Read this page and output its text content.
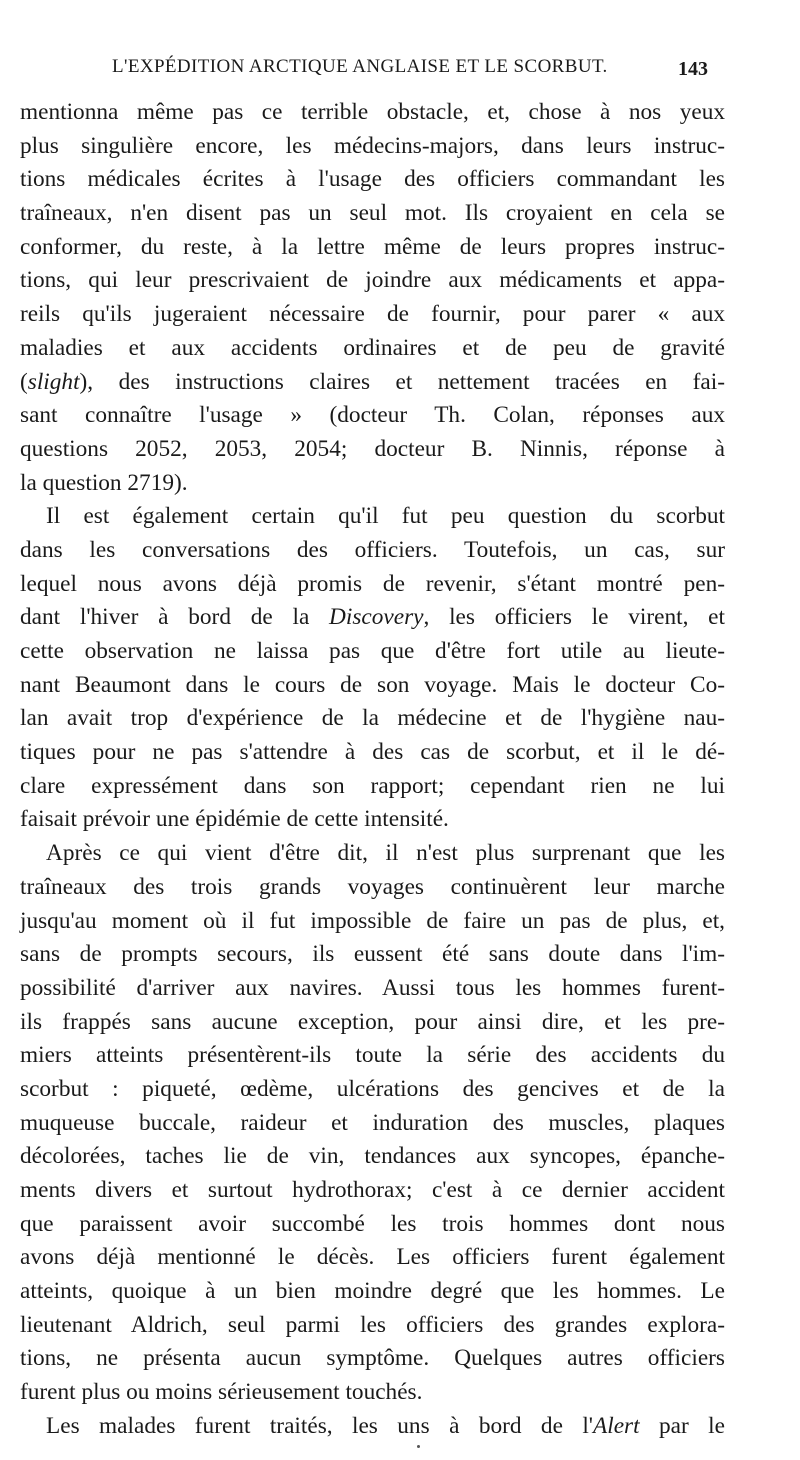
L'EXPÉDITION ARCTIQUE ANGLAISE ET LE SCORBUT.	143
mentionna même pas ce terrible obstacle, et, chose à nos yeux
plus singulière encore, les médecins-majors, dans leurs instruc-
tions médicales écrites à l'usage des officiers commandant les
traîneaux, n'en disent pas un seul mot. Ils croyaient en cela se
conformer, du reste, à la lettre même de leurs propres instruc-
tions, qui leur prescrivaient de joindre aux médicaments et appa-
reils qu'ils jugeraient nécessaire de fournir, pour parer « aux
maladies et aux accidents ordinaires et de peu de gravité
(slight), des instructions claires et nettement tracées en fai-
sant connaître l'usage » (docteur Th. Colan, réponses aux
questions 2052, 2053, 2054; docteur B. Ninnis, réponse à
la question 2719).
Il est également certain qu'il fut peu question du scorbut
dans les conversations des officiers. Toutefois, un cas, sur
lequel nous avons déjà promis de revenir, s'étant montré pen-
dant l'hiver à bord de la Discovery, les officiers le virent, et
cette observation ne laissa pas que d'être fort utile au lieute-
nant Beaumont dans le cours de son voyage. Mais le docteur Co-
lan avait trop d'expérience de la médecine et de l'hygiène nau-
tiques pour ne pas s'attendre à des cas de scorbut, et il le dé-
clare expressément dans son rapport; cependant rien ne lui
faisait prévoir une épidémie de cette intensité.
Après ce qui vient d'être dit, il n'est plus surprenant que les
traîneaux des trois grands voyages continuèrent leur marche
jusqu'au moment où il fut impossible de faire un pas de plus, et,
sans de prompts secours, ils eussent été sans doute dans l'im-
possibilité d'arriver aux navires. Aussi tous les hommes furent-
ils frappés sans aucune exception, pour ainsi dire, et les pre-
miers atteints présentèrent-ils toute la série des accidents du
scorbut : piqueté, œdème, ulcérations des gencives et de la
muqueuse buccale, raideur et induration des muscles, plaques
décolorées, taches lie de vin, tendances aux syncopes, épanche-
ments divers et surtout hydrothorax; c'est à ce dernier accident
que paraissent avoir succombé les trois hommes dont nous
avons déjà mentionné le décès. Les officiers furent également
atteints, quoique à un bien moindre degré que les hommes. Le
lieutenant Aldrich, seul parmi les officiers des grandes explora-
tions, ne présenta aucun symptôme. Quelques autres officiers
furent plus ou moins sérieusement touchés.
Les malades furent traités, les uns à bord de l'Alert par le
